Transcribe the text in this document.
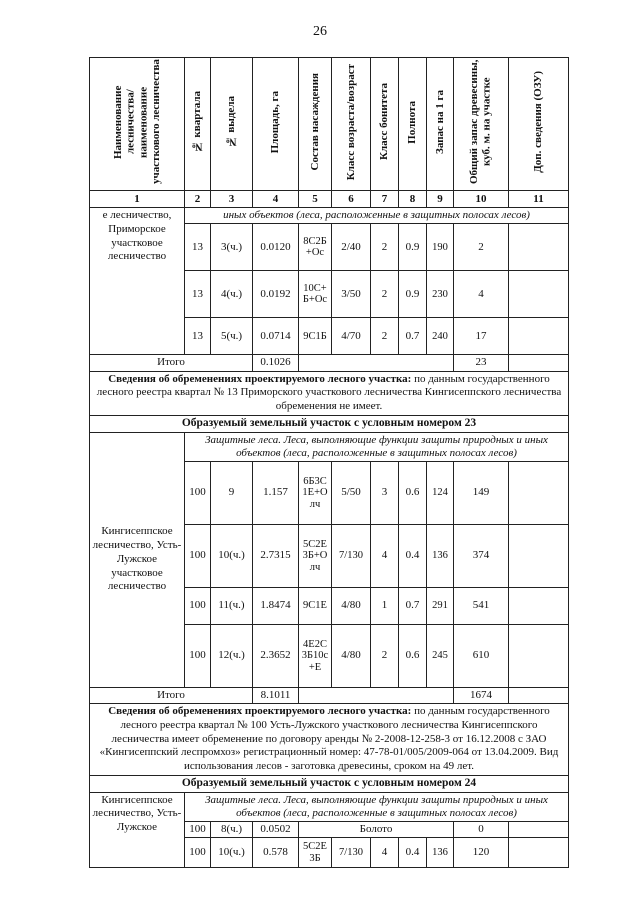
26
Наименование лесничества/ наименование участкового лесничества	№ квартала	№ выдела	Площадь, га	Состав насаждения	Класс возраста/возраст	Класс бонитета	Полнота	Запас на 1 га	Общий запас древесины, куб. м. на участке	Доп. сведения (ОЗУ)
1	2	3	4	5	6	7	8	9	10	11
е лесничество, Приморское участковое лесничество	иных объектов (леса, расположенные в защитных полосах лесов)									
	13	3(ч.)	0.0120	8С2Б+Ос	2/40	2	0.9	190	2	
	13	4(ч.)	0.0192	10С+Б+Ос	3/50	2	0.9	230	4	
	13	5(ч.)	0.0714	9С1Б	4/70	2	0.7	240	17	
Итого			0.1026						23	
Сведения об обременениях проектируемого лесного участка: по данным государственного лесного реестра квартал № 13 Приморского участкового лесничества Кингисеппского лесничества обременения не имеет.										
Образуемый земельный участок с условным номером 23										
Кингисеппское лесничество, Усть-Лужское участковое лесничество	Защитные леса. Леса, выполняющие функции защиты природных и иных объектов (леса, расположенные в защитных полосах лесов)									
	100	9	1.157	6Б3С1Е+Олч	5/50	3	0.6	124	149	
	100	10(ч.)	2.7315	5С2Е3Б+Олч	7/130	4	0.4	136	374	
	100	11(ч.)	1.8474	9С1Е	4/80	1	0.7	291	541	
	100	12(ч.)	2.3652	4Е2С3Б10с+Е	4/80	2	0.6	245	610	
Итого			8.1011						1674	
Сведения об обременениях проектируемого лесного участка: по данным государственного лесного реестра квартал № 100 Усть-Лужского участкового лесничества Кингисеппского лесничества имеет обременение по договору аренды № 2-2008-12-258-3 от 16.12.2008 с ЗАО «Кингисеппский леспромхоз» регистрационный номер: 47-78-01/005/2009-064 от 13.04.2009. Вид использования лесов - заготовка древесины, сроком на 49 лет.										
Образуемый земельный участок с условным номером 24										
Кингисеппское лесничество, Усть-Лужское	Защитные леса. Леса, выполняющие функции защиты природных и иных объектов (леса, расположенные в защитных полосах лесов)									
	100	8(ч.)	0.0502	Болото					0	
	100	10(ч.)	0.578	5С2Е3Б	7/130	4	0.4	136	120	
